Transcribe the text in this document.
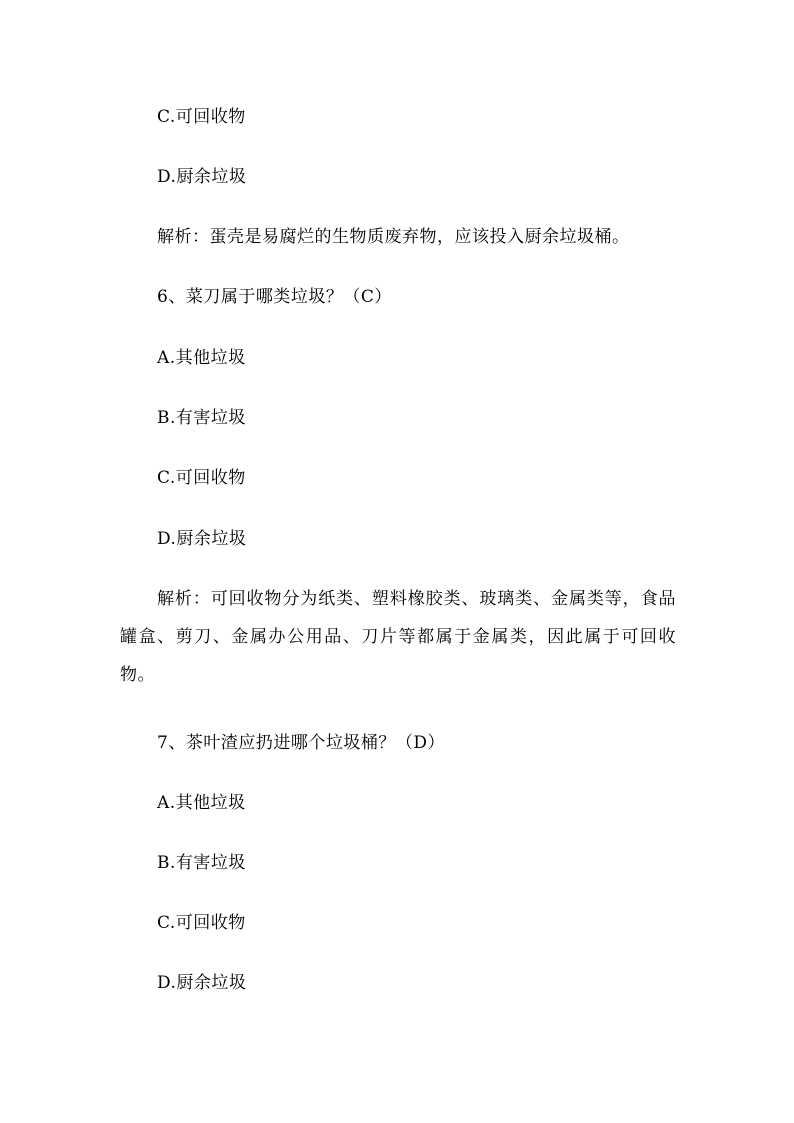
C.可回收物
D.厨余垃圾
解析：蛋壳是易腐烂的生物质废弃物，应该投入厨余垃圾桶。
6、菜刀属于哪类垃圾？（C）
A.其他垃圾
B.有害垃圾
C.可回收物
D.厨余垃圾
解析：可回收物分为纸类、塑料橡胶类、玻璃类、金属类等，食品罐盒、剪刀、金属办公用品、刀片等都属于金属类，因此属于可回收物。
7、茶叶渣应扔进哪个垃圾桶？（D）
A.其他垃圾
B.有害垃圾
C.可回收物
D.厨余垃圾
